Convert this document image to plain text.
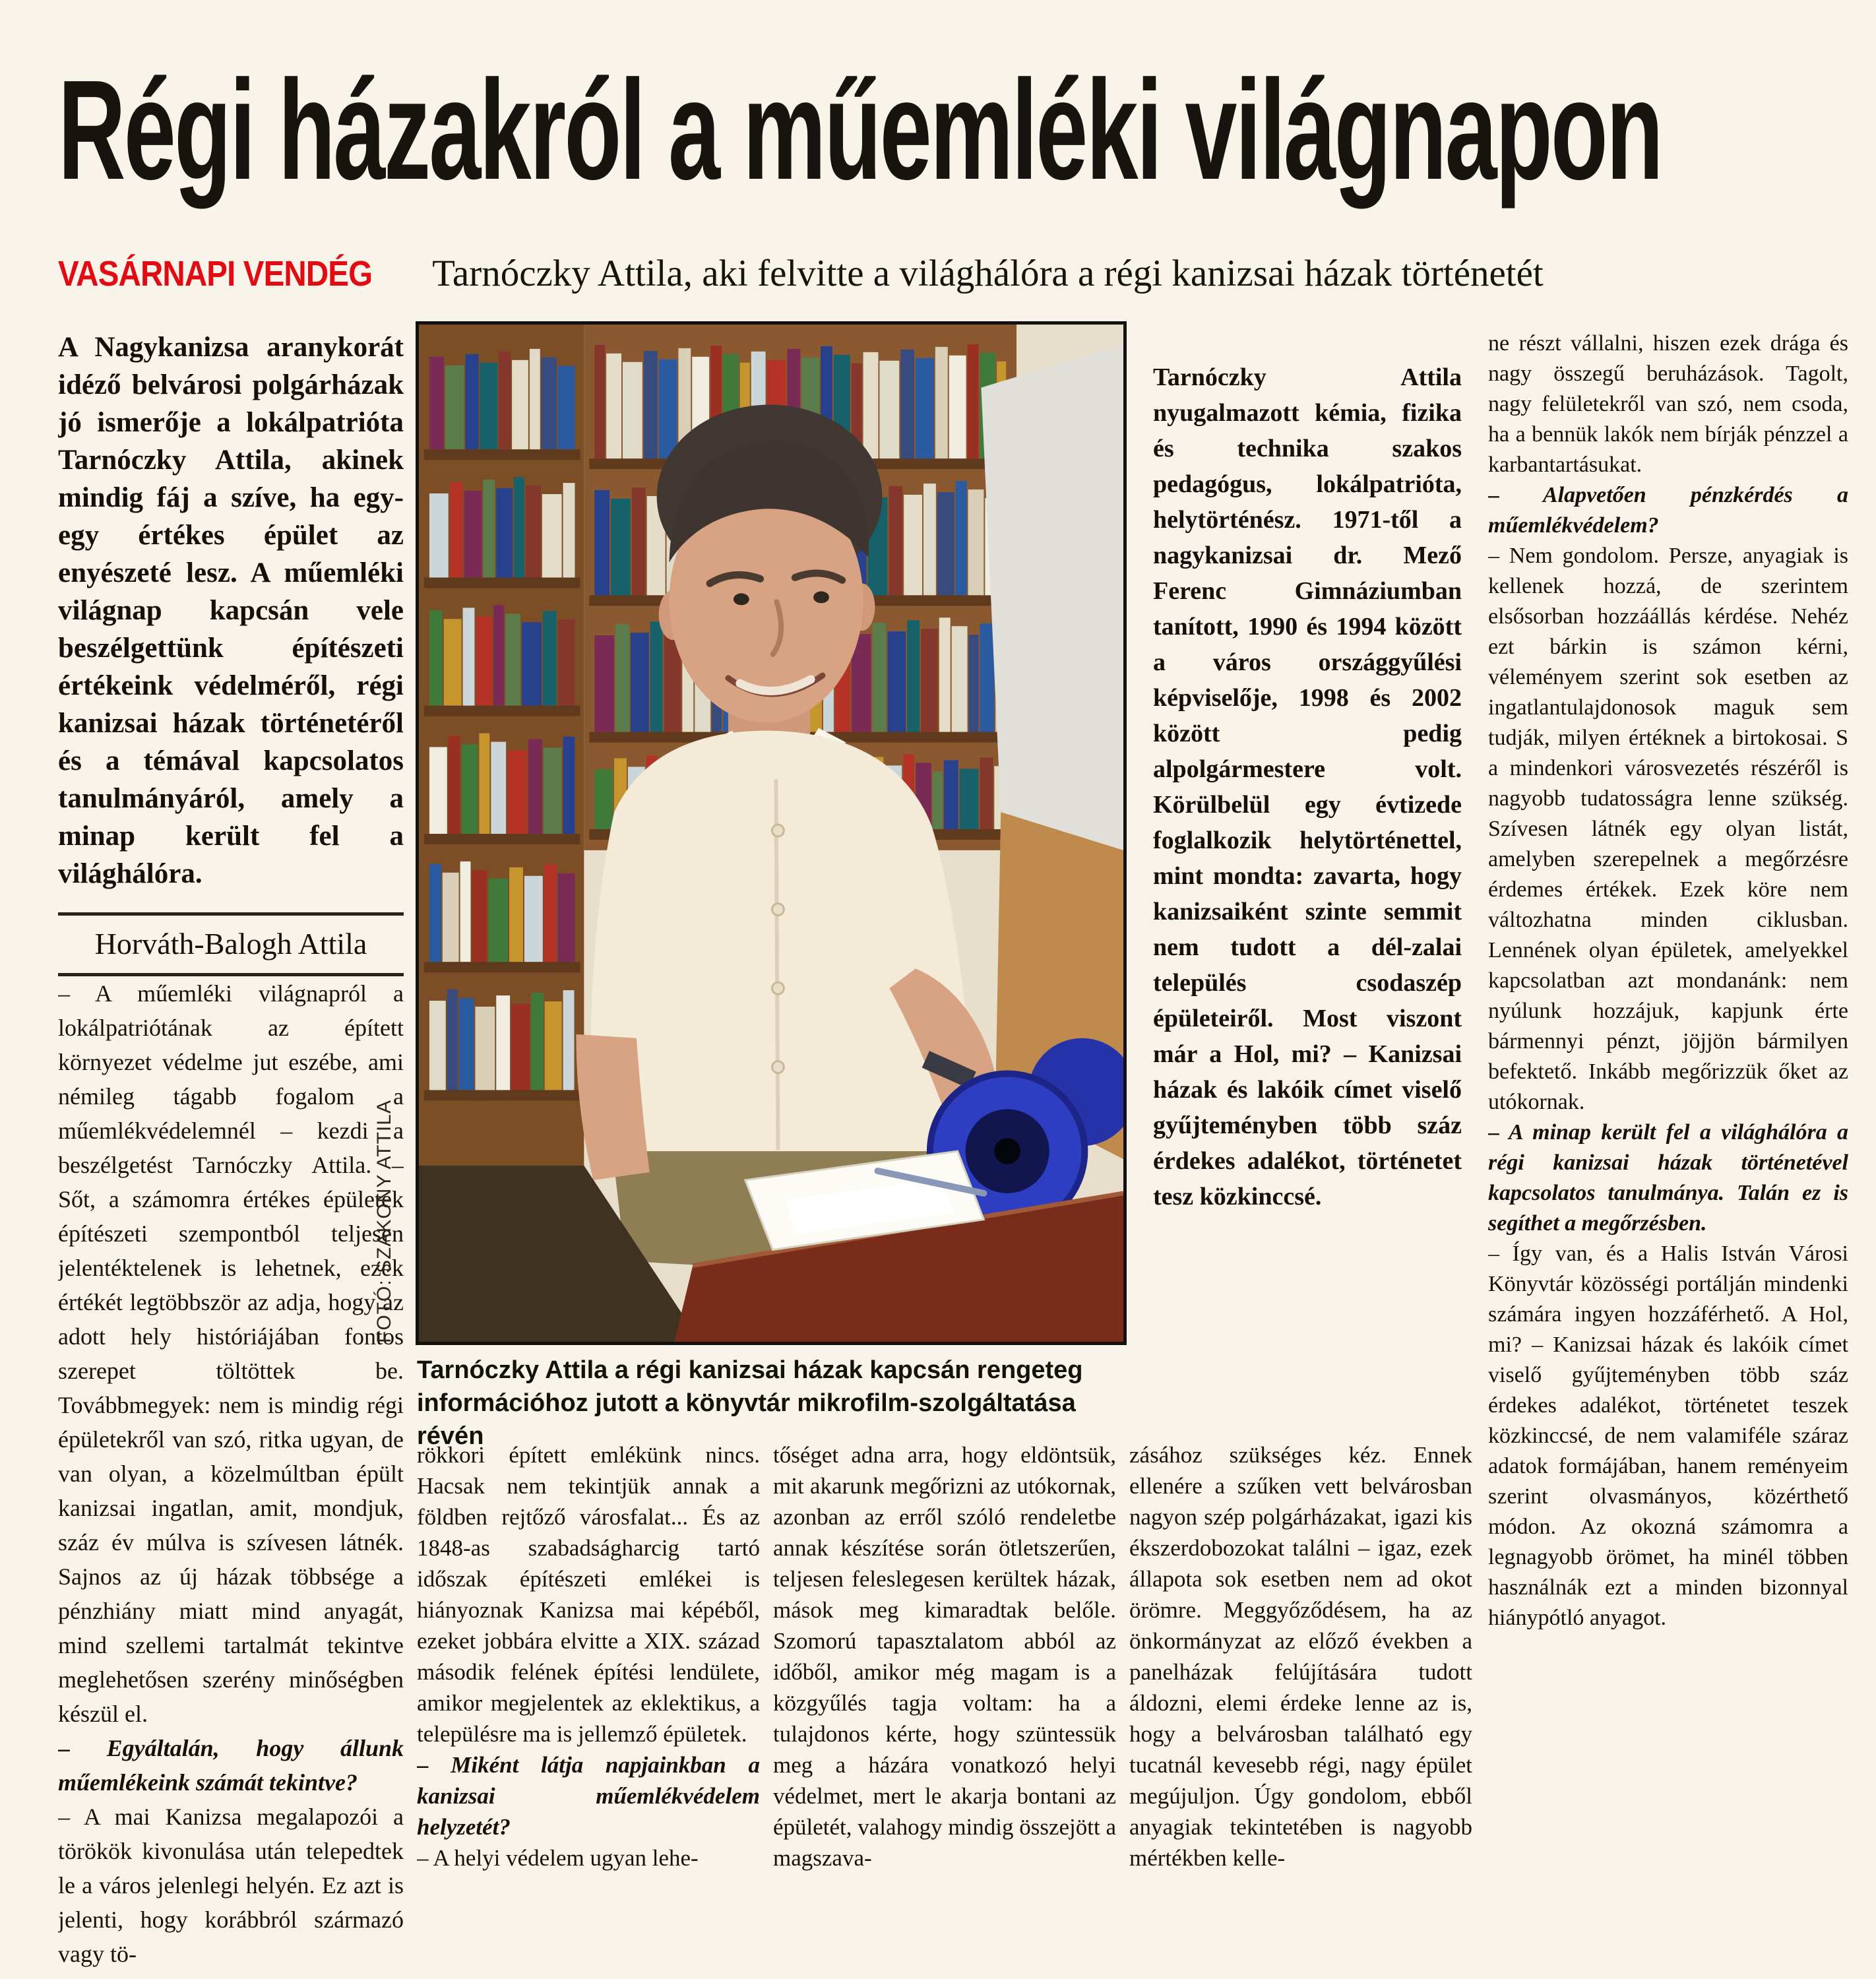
Régi házakról a műemléki világnapon
VASÁRNAPI VENDÉG Tarnóczky Attila, aki felvitte a világhálóra a régi kanizsai házak történetét

A Nagykanizsa aranykorát idéző belvárosi polgárházak jó ismerője a lokálpatrióta Tarnóczky Attila, akinek mindig fáj a szíve, ha egy-egy értékes épület az enyészeté lesz. A műemléki világnap kapcsán vele beszélgettünk építészeti értékeink védelméről, régi kanizsai házak történetéről és a témával kapcsolatos tanulmányáról, amely a minap került fel a világhálóra.

Horváth-Balogh Attila

– A műemléki világnapról a lokálpatriótának az épített környezet védelme jut eszébe, ami némileg tágabb fogalom a műemlékvédelemnél – kezdi a beszélgetést Tarnóczky Attila. – Sőt, a számomra értékes épületek építészeti szempontból teljesen jelentéktelenek is lehetnek, ezek értékét legtöbbször az adja, hogy az adott hely históriájában fontos szerepet töltöttek be. Továbbmegyek: nem is mindig régi épületekről van szó, ritka ugyan, de van olyan, a közelmúltban épült kanizsai ingatlan, amit, mondjuk, száz év múlva is szívesen látnék. Sajnos az új házak többsége a pénzhiány miatt mind anyagát, mind szellemi tartalmát tekintve meglehetősen szerény minőségben készül el.

– Egyáltalán, hogy állunk műemlékeink számát tekintve?

– A mai Kanizsa megalapozói a törökök kivonulása után telepedtek le a város jelenlegi helyén. Ez azt is jelenti, hogy korábbról származó vagy tö-

FOTÓ: SZAKONY ATTILA
Tarnóczky Attila a régi kanizsai házak kapcsán rengeteg információhoz jutott a könyvtár mikrofilm-szolgáltatása révén
Tarnóczky Attila nyugalmazott kémia, fizika és technika szakos pedagógus, lokálpatrióta, helytörténész. 1971-től a nagykanizsai dr. Mező Ferenc Gimnáziumban tanított, 1990 és 1994 között a város országgyűlési képviselője, 1998 és 2002 között pedig alpolgármestere volt. Körülbelül egy évtizede foglalkozik helytörténettel, mint mondta: zavarta, hogy kanizsaiként szinte semmit nem tudott a dél-zalai település csodaszép épületeiről. Most viszont már a Hol, mi? – Kanizsai házak és lakóik címet viselő gyűjteményben több száz érdekes adalékot, történetet tesz közkinccsé.

ne részt vállalni, hiszen ezek drága és nagy összegű beruházások. Tagolt, nagy felületekről van szó, nem csoda, ha a bennük lakók nem bírják pénzzel a karbantartásukat.

– Alapvetően pénzkérdés a műemlékvédelem?

– Nem gondolom. Persze, anyagiak is kellenek hozzá, de szerintem elsősorban hozzáállás kérdése. Nehéz ezt bárkin is számon kérni, véleményem szerint sok esetben az ingatlantulajdonosok maguk sem tudják, milyen értéknek a birtokosai. S a mindenkori városvezetés részéről is nagyobb tudatosságra lenne szükség. Szívesen látnék egy olyan listát, amelyben szerepelnek a megőrzésre érdemes értékek. Ezek köre nem változhatna minden ciklusban. Lennének olyan épületek, amelyekkel kapcsolatban azt mondanánk: nem nyúlunk hozzájuk, kapjunk érte bármennyi pénzt, jöjjön bármilyen befektető. Inkább megőrizzük őket az utókornak.

– A minap került fel a világhálóra a régi kanizsai házak történetével kapcsolatos tanulmánya. Talán ez is segíthet a megőrzésben.

– Így van, és a Halis István Városi Könyvtár közösségi portálján mindenki számára ingyen hozzáférhető. A Hol, mi? – Kanizsai házak és lakóik címet viselő gyűjteményben több száz érdekes adalékot, történetet teszek közkinccsé, de nem valamiféle száraz adatok formájában, hanem reményeim szerint olvasmányos, közérthető módon. Az okozná számomra a legnagyobb örömet, ha minél többen használnák ezt a minden bizonnyal hiánypótló anyagot.

rökkori épített emlékünk nincs. Hacsak nem tekintjük annak a földben rejtőző városfalat... És az 1848-as szabadságharcig tartó időszak építészeti emlékei is hiányoznak Kanizsa mai képéből, ezeket jobbára elvitte a XIX. század második felének építési lendülete, amikor megjelentek az eklektikus, a településre ma is jellemző épületek.

– Miként látja napjainkban a kanizsai műemlékvédelem helyzetét?

– A helyi védelem ugyan lehe-

tőséget adna arra, hogy eldöntsük, mit akarunk megőrizni az utókornak, azonban az erről szóló rendeletbe annak készítése során ötletszerűen, teljesen feleslegesen kerültek házak, mások meg kimaradtak belőle. Szomorú tapasztalatom abból az időből, amikor még magam is a közgyűlés tagja voltam: ha a tulajdonos kérte, hogy szüntessük meg a házára vonatkozó helyi védelmet, mert le akarja bontani az épületét, valahogy mindig összejött a magszava-

zásához szükséges kéz. Ennek ellenére a szűken vett belvárosban nagyon szép polgárházakat, igazi kis ékszerdobozokat találni – igaz, ezek állapota sok esetben nem ad okot örömre. Meggyőződésem, ha az önkormányzat az előző években a panelházak felújítására tudott áldozni, elemi érdeke lenne az is, hogy a belvárosban található egy tucatnál kevesebb régi, nagy épület megújuljon. Úgy gondolom, ebből anyagiak tekintetében is nagyobb mértékben kelle-
